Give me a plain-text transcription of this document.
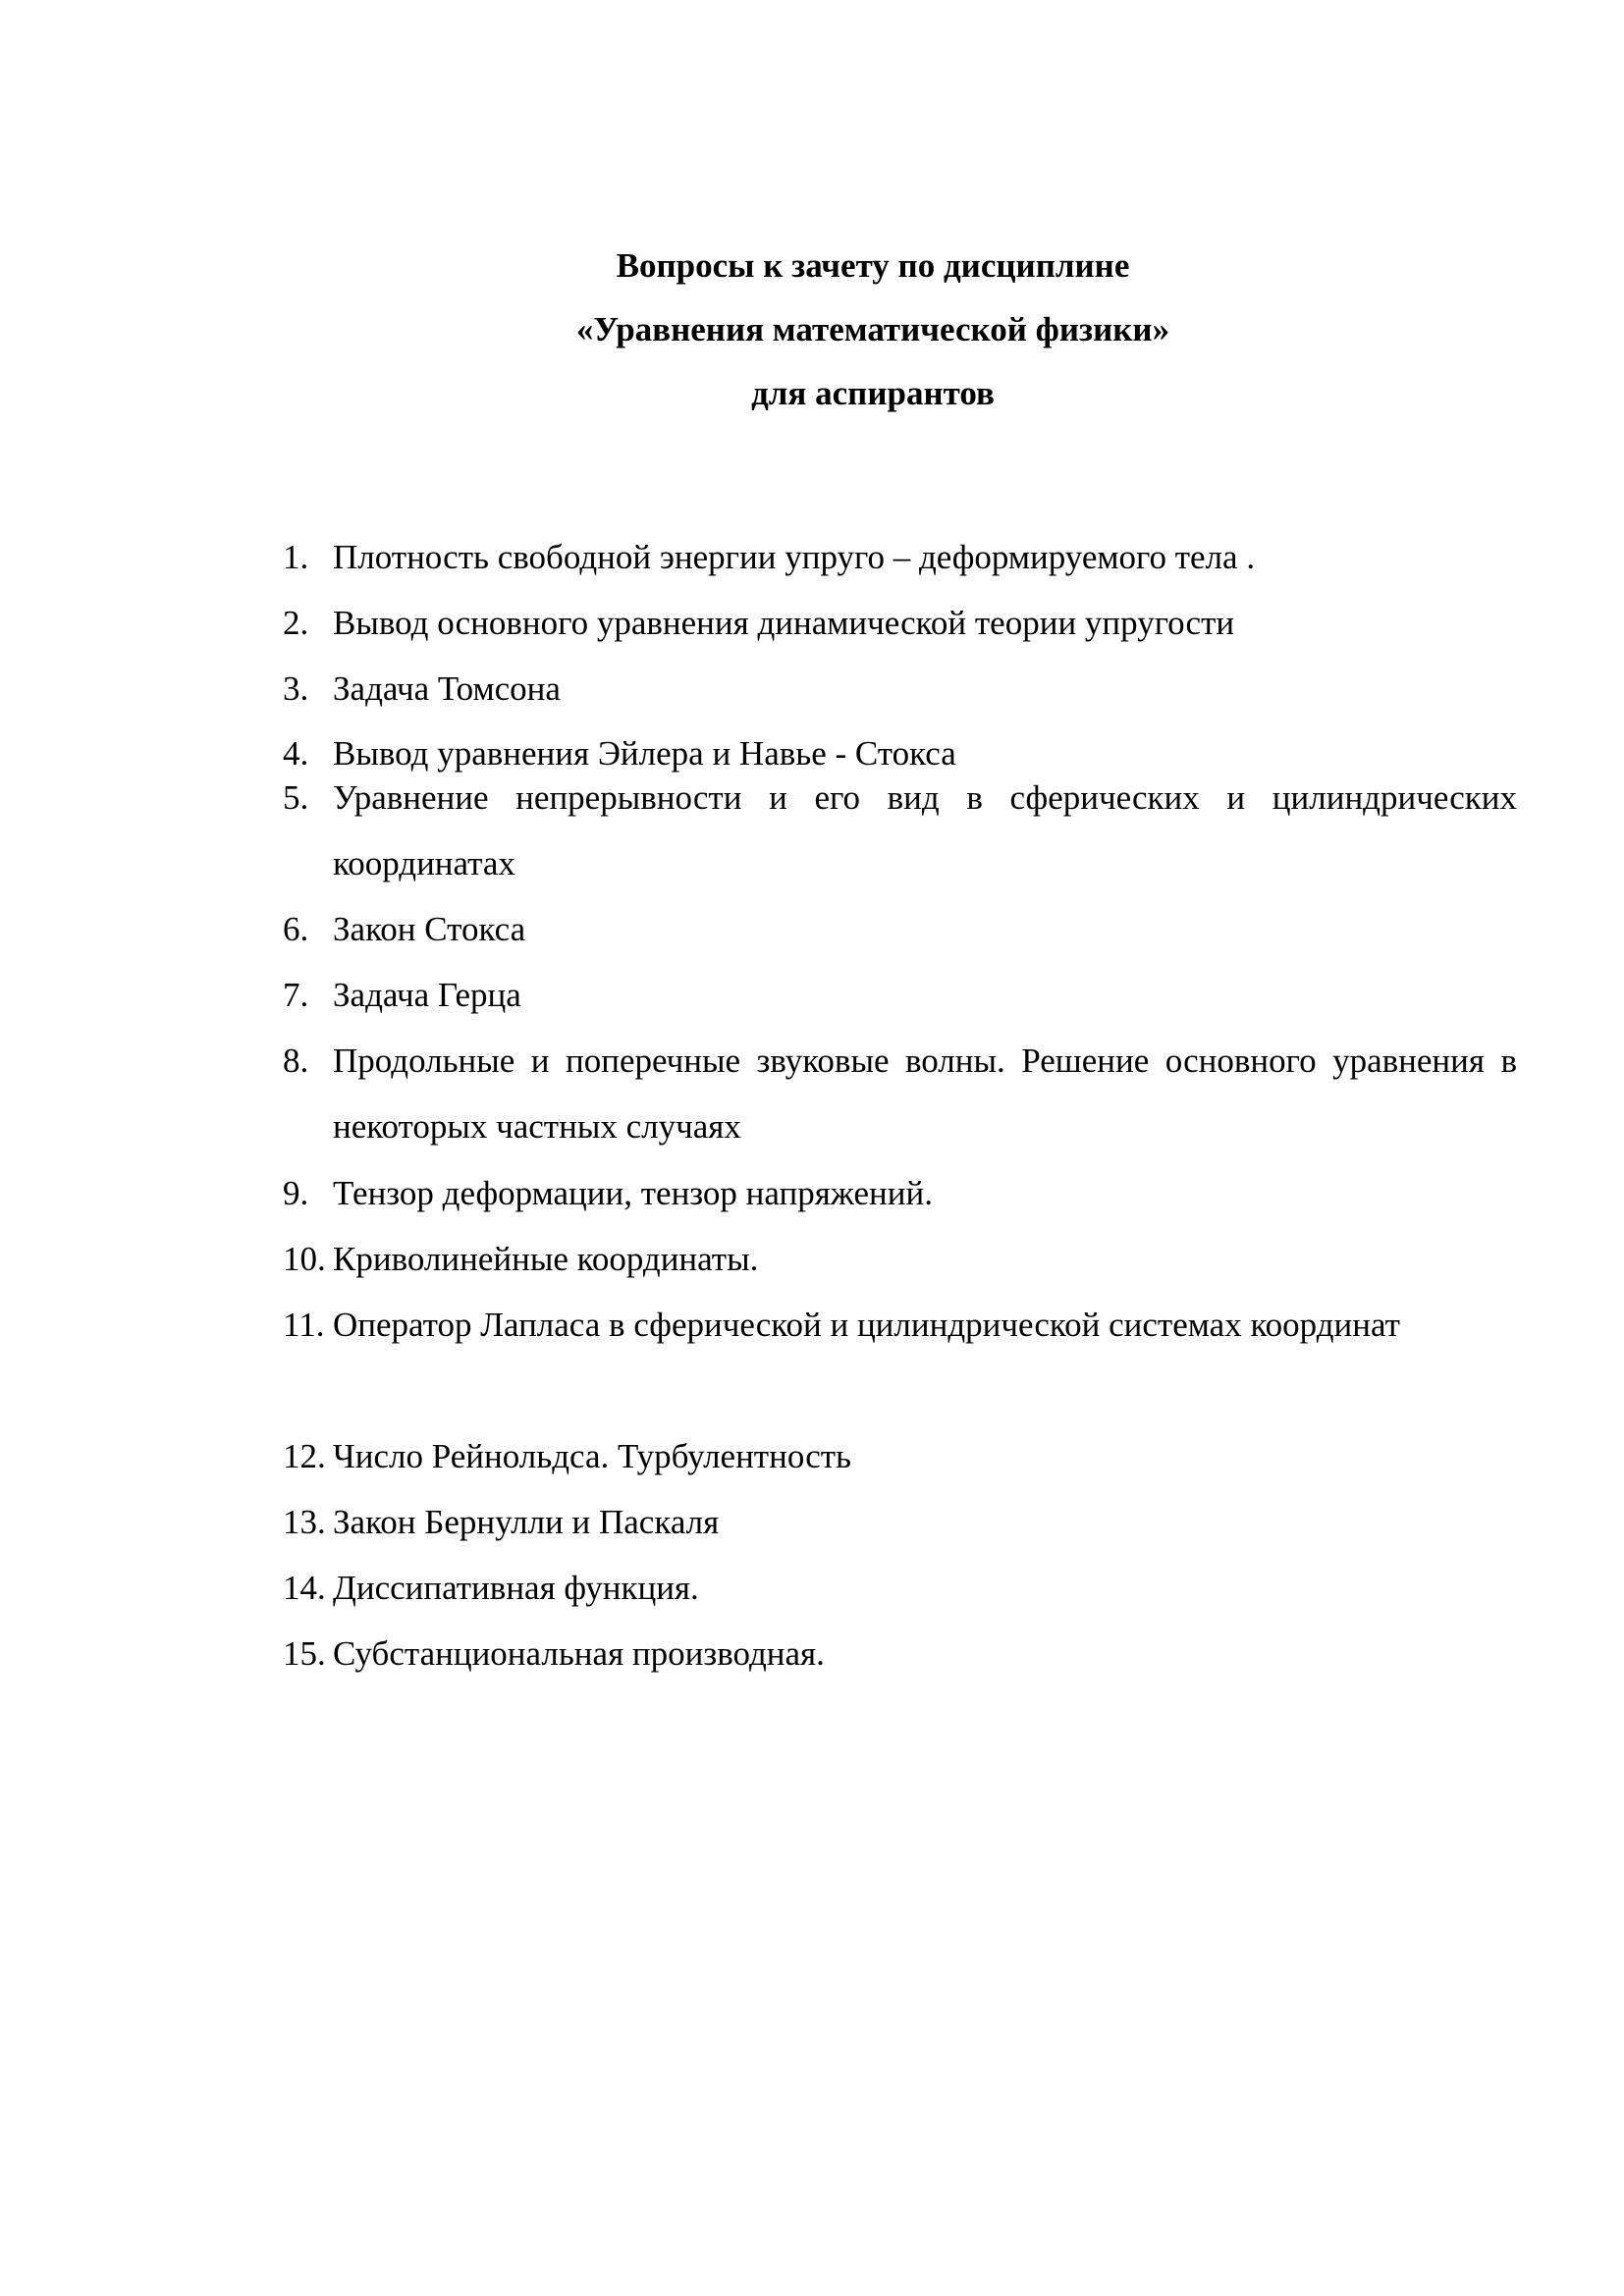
Вопросы к зачету по дисциплине
«Уравнения математической физики»
для аспирантов
1. Плотность свободной энергии упруго – деформируемого тела .
2. Вывод основного уравнения динамической теории упругости
3. Задача Томсона
4. Вывод уравнения Эйлера и Навье - Стокса
5. Уравнение непрерывности и его вид в сферических и цилиндрических координатах
6. Закон Стокса
7. Задача Герца
8. Продольные и поперечные звуковые волны. Решение основного уравнения в некоторых частных случаях
9. Тензор деформации, тензор напряжений.
10. Криволинейные координаты.
11. Оператор Лапласа в сферической и цилиндрической системах координат
12. Число Рейнольдса. Турбулентность
13. Закон Бернулли и Паскаля
14. Диссипативная функция.
15. Субстанциональная производная.
